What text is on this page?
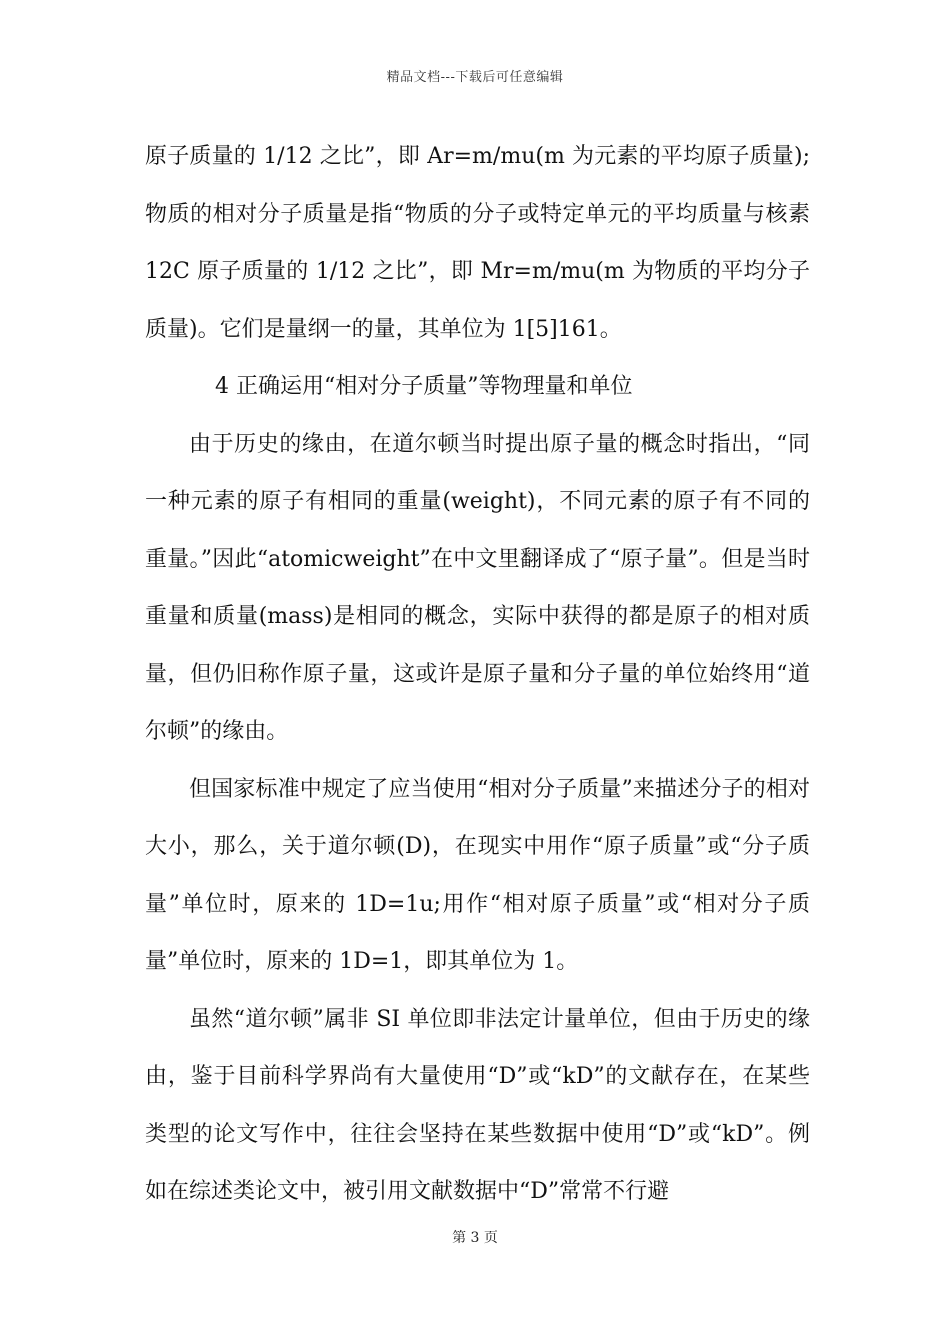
精品文档---下载后可任意编辑

原子质量的 1/12 之比”，即 Ar=m/mu(m 为元素的平均原子质量);物质的相对分子质量是指“物质的分子或特定单元的平均质量与核素 12C 原子质量的 1/12 之比”，即 Mr=m/mu(m 为物质的平均分子质量)。它们是量纲一的量，其单位为 1[5]161。

4 正确运用“相对分子质量”等物理量和单位

由于历史的缘由，在道尔顿当时提出原子量的概念时指出，“同一种元素的原子有相同的重量(weight)，不同元素的原子有不同的重量。”因此“atomicweight”在中文里翻译成了“原子量”。但是当时重量和质量(mass)是相同的概念，实际中获得的都是原子的相对质量，但仍旧称作原子量，这或许是原子量和分子量的单位始终用“道尔顿”的缘由。

但国家标准中规定了应当使用“相对分子质量”来描述分子的相对大小，那么，关于道尔顿(D)，在现实中用作“原子质量”或“分子质量”单位时，原来的 1D=1u;用作“相对原子质量”或“相对分子质量”单位时，原来的 1D=1，即其单位为 1。

虽然“道尔顿”属非 SI 单位即非法定计量单位，但由于历史的缘由，鉴于目前科学界尚有大量使用“D”或“kD”的文献存在，在某些类型的论文写作中，往往会坚持在某些数据中使用“D”或“kD”。例如在综述类论文中，被引用文献数据中“D”常常不行避

第 3 页
